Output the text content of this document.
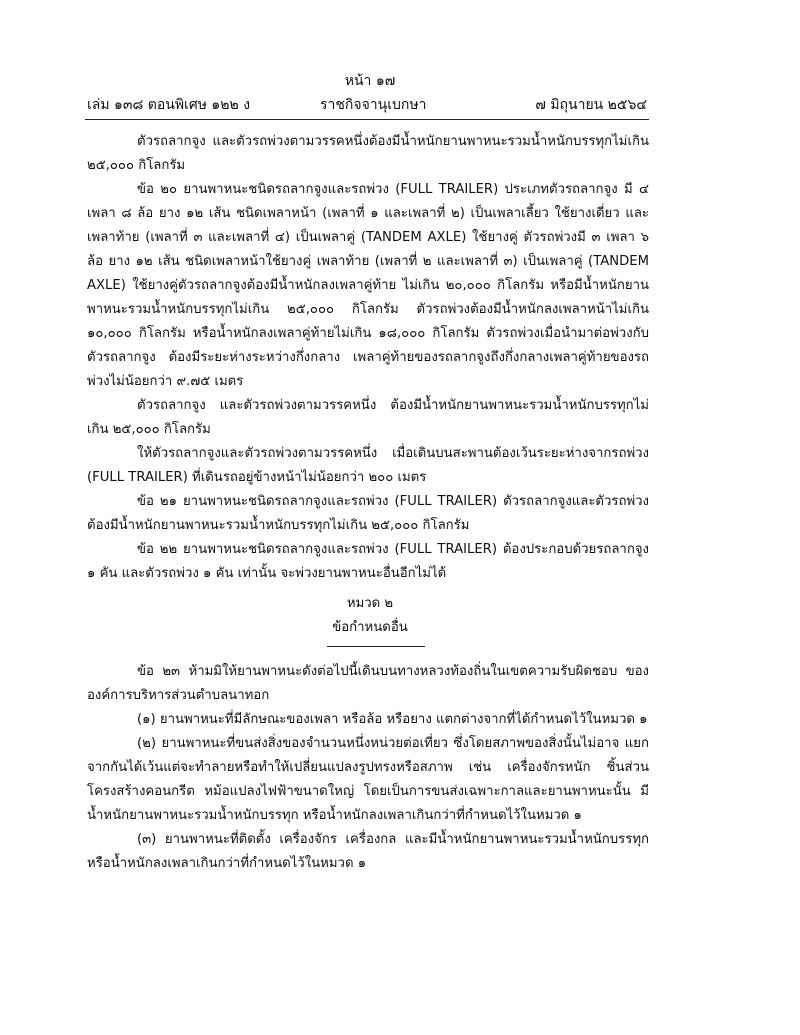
หน้า ๑๗
เล่ม ๑๓๘ ตอนพิเศษ ๑๒๒ ง	ราชกิจจานุเบกษา	๗ มิถุนายน ๒๕๖๔

ตัวรถลากจูง และตัวรถพ่วงตามวรรคหนึ่งต้องมีน้ำหนักยานพาหนะรวมน้ำหนักบรรทุกไม่เกิน ๒๕,๐๐๐ กิโลกรัม

ข้อ ๒๐ ยานพาหนะชนิดรถลากจูงและรถพ่วง (FULL TRAILER) ประเภทตัวรถลากจูง มี ๔ เพลา ๘ ล้อ ยาง ๑๒ เส้น ชนิดเพลาหน้า (เพลาที่ ๑ และเพลาที่ ๒) เป็นเพลาเลี้ยว ใช้ยางเดี่ยว และเพลาท้าย (เพลาที่ ๓ และเพลาที่ ๔) เป็นเพลาคู่ (TANDEM AXLE) ใช้ยางคู่ ตัวรถพ่วงมี ๓ เพลา ๖ ล้อ ยาง ๑๒ เส้น ชนิดเพลาหน้าใช้ยางคู่ เพลาท้าย (เพลาที่ ๒ และเพลาที่ ๓) เป็นเพลาคู่ (TANDEM AXLE) ใช้ยางคู่ตัวรถลากจูงต้องมีน้ำหนักลงเพลาคู่ท้าย ไม่เกิน ๒๐,๐๐๐ กิโลกรัม หรือมีน้ำหนักยานพาหนะรวมน้ำหนักบรรทุกไม่เกิน ๒๕,๐๐๐ กิโลกรัม ตัวรถพ่วงต้องมีน้ำหนักลงเพลาหน้าไม่เกิน ๑๐,๐๐๐ กิโลกรัม หรือน้ำหนักลงเพลาคู่ท้ายไม่เกิน ๑๘,๐๐๐ กิโลกรัม ตัวรถพ่วงเมื่อนำมาต่อพ่วงกับตัวรถลากจูง ต้องมีระยะห่างระหว่างกึ่งกลาง เพลาคู่ท้ายของรถลากจูงถึงกึ่งกลางเพลาคู่ท้ายของรถพ่วงไม่น้อยกว่า ๙.๗๕ เมตร

ตัวรถลากจูง และตัวรถพ่วงตามวรรคหนึ่ง ต้องมีน้ำหนักยานพาหนะรวมน้ำหนักบรรทุกไม่เกิน ๒๕,๐๐๐ กิโลกรัม

ให้ตัวรถลากจูงและตัวรถพ่วงตามวรรคหนึ่ง เมื่อเดินบนสะพานต้องเว้นระยะห่างจากรถพ่วง (FULL TRAILER) ที่เดินรถอยู่ข้างหน้าไม่น้อยกว่า ๒๐๐ เมตร

ข้อ ๒๑ ยานพาหนะชนิดรถลากจูงและรถพ่วง (FULL TRAILER) ตัวรถลากจูงและตัวรถพ่วง ต้องมีน้ำหนักยานพาหนะรวมน้ำหนักบรรทุกไม่เกิน ๒๕,๐๐๐ กิโลกรัม

ข้อ ๒๒ ยานพาหนะชนิดรถลากจูงและรถพ่วง (FULL TRAILER) ต้องประกอบด้วยรถลากจูง ๑ คัน และตัวรถพ่วง ๑ คัน เท่านั้น จะพ่วงยานพาหนะอื่นอีกไม่ได้

หมวด ๒
ข้อกำหนดอื่น

ข้อ ๒๓ ห้ามมิให้ยานพาหนะดังต่อไปนี้เดินบนทางหลวงท้องถิ่นในเขตความรับผิดชอบ ขององค์การบริหารส่วนตำบลนาทอก

(๑) ยานพาหนะที่มีลักษณะของเพลา หรือล้อ หรือยาง แตกต่างจากที่ได้กำหนดไว้ในหมวด ๑

(๒) ยานพาหนะที่ขนส่งสิ่งของจำนวนหนึ่งหน่วยต่อเที่ยว ซึ่งโดยสภาพของสิ่งนั้นไม่อาจ แยกจากกันได้เว้นแต่จะทำลายหรือทำให้เปลี่ยนแปลงรูปทรงหรือสภาพ เช่น เครื่องจักรหนัก ชิ้นส่วนโครงสร้างคอนกรีต หม้อแปลงไฟฟ้าขนาดใหญ่ โดยเป็นการขนส่งเฉพาะกาลและยานพาหนะนั้น มีน้ำหนักยานพาหนะรวมน้ำหนักบรรทุก หรือน้ำหนักลงเพลาเกินกว่าที่กำหนดไว้ในหมวด ๑

(๓) ยานพาหนะที่ติดตั้ง เครื่องจักร เครื่องกล และมีน้ำหนักยานพาหนะรวมน้ำหนักบรรทุก หรือน้ำหนักลงเพลาเกินกว่าที่กำหนดไว้ในหมวด ๑
